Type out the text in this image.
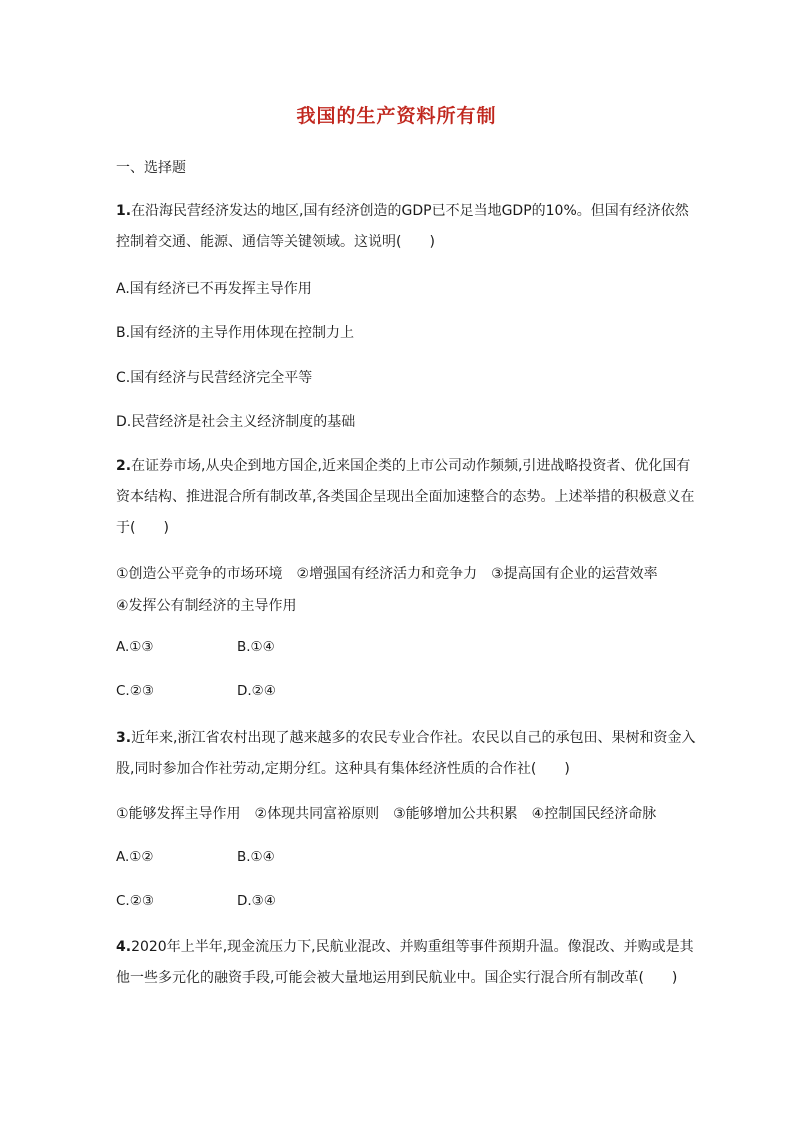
我国的生产资料所有制
一、选择题
1.在沿海民营经济发达的地区,国有经济创造的GDP已不足当地GDP的10%。但国有经济依然控制着交通、能源、通信等关键领域。这说明(　　)
A.国有经济已不再发挥主导作用
B.国有经济的主导作用体现在控制力上
C.国有经济与民营经济完全平等
D.民营经济是社会主义经济制度的基础
2.在证券市场,从央企到地方国企,近来国企类的上市公司动作频频,引进战略投资者、优化国有资本结构、推进混合所有制改革,各类国企呈现出全面加速整合的态势。上述举措的积极意义在于(　　)
①创造公平竞争的市场环境　②增强国有经济活力和竞争力　③提高国有企业的运营效率
④发挥公有制经济的主导作用
A.①③	B.①④
C.②③	D.②④
3.近年来,浙江省农村出现了越来越多的农民专业合作社。农民以自己的承包田、果树和资金入股,同时参加合作社劳动,定期分红。这种具有集体经济性质的合作社(　　)
①能够发挥主导作用　②体现共同富裕原则　③能够增加公共积累　④控制国民经济命脉
A.①②	B.①④
C.②③	D.③④
4.2020年上半年,现金流压力下,民航业混改、并购重组等事件预期升温。像混改、并购或是其他一些多元化的融资手段,可能会被大量地运用到民航业中。国企实行混合所有制改革(　　)
